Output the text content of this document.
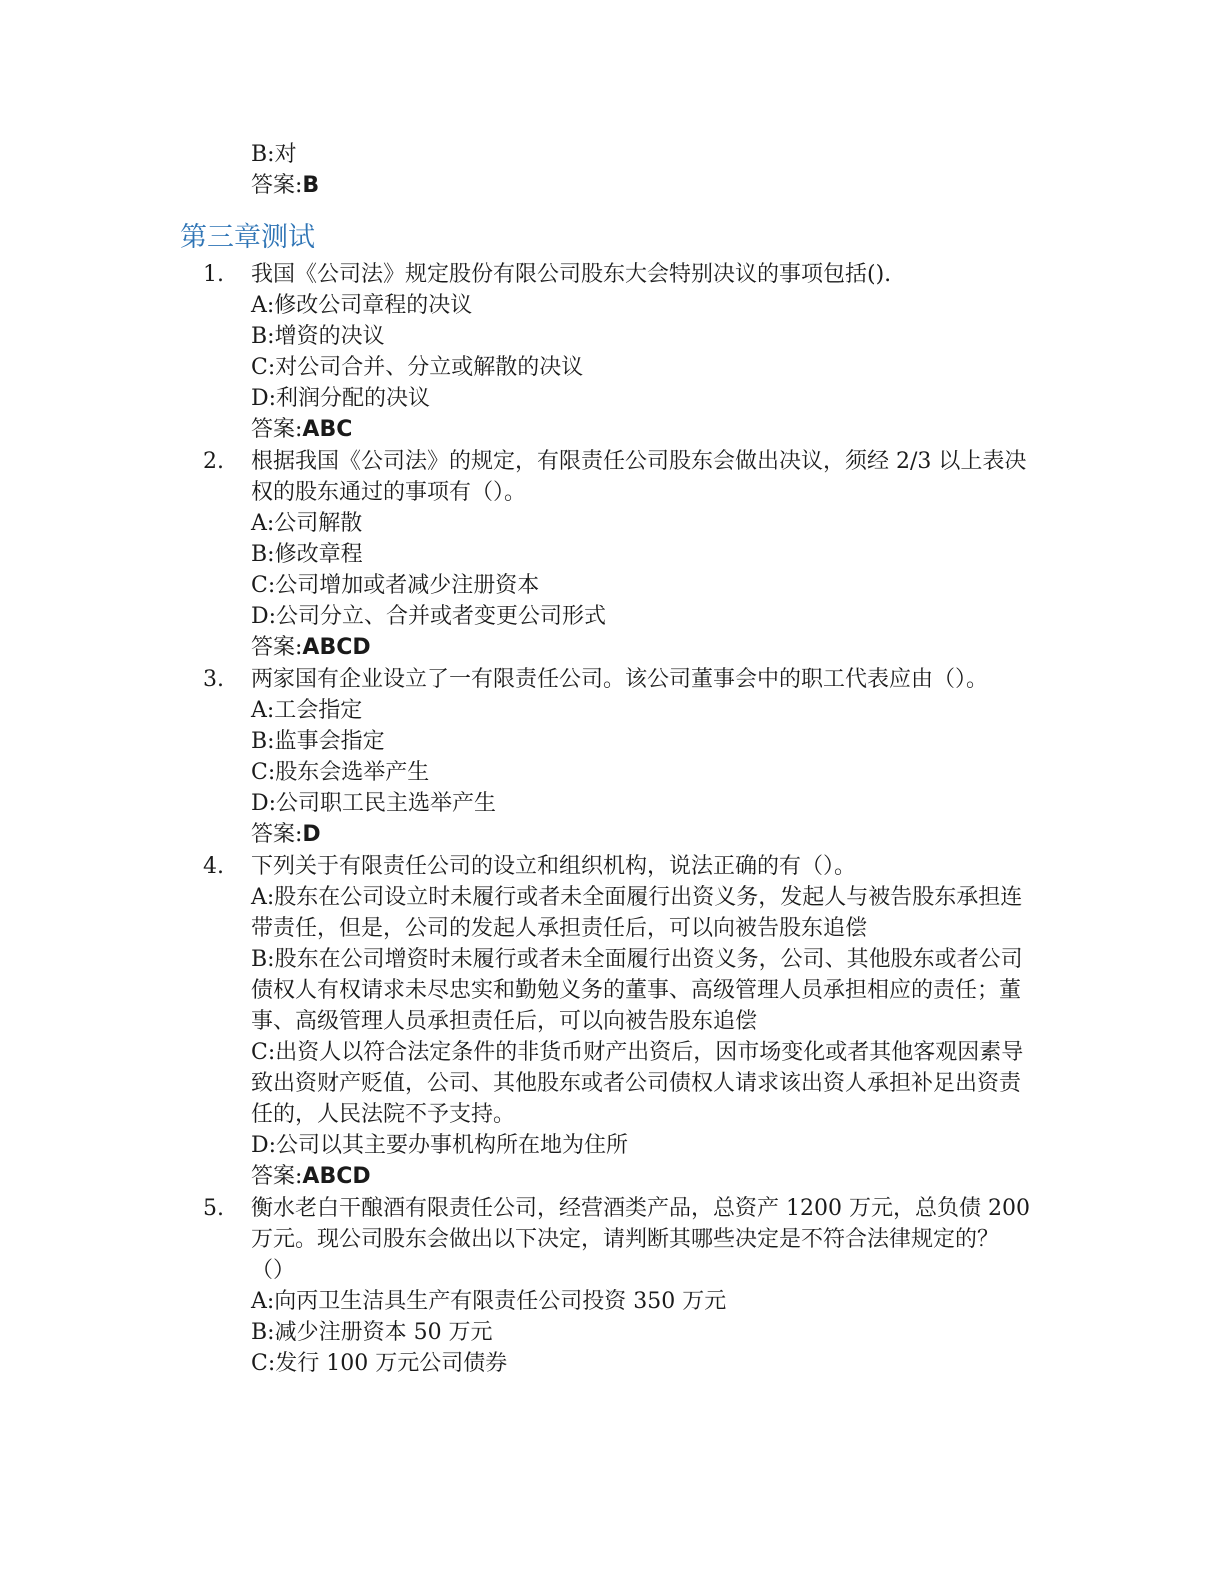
B:对
答案:B
第三章测试
1. 我国《公司法》规定股份有限公司股东大会特别决议的事项包括().
A:修改公司章程的决议
B:增资的决议
C:对公司合并、分立或解散的决议
D:利润分配的决议
答案:ABC
2. 根据我国《公司法》的规定，有限责任公司股东会做出决议，须经 2/3 以上表决权的股东通过的事项有（）。
A:公司解散
B:修改章程
C:公司增加或者减少注册资本
D:公司分立、合并或者变更公司形式
答案:ABCD
3. 两家国有企业设立了一有限责任公司。该公司董事会中的职工代表应由（）。
A:工会指定
B:监事会指定
C:股东会选举产生
D:公司职工民主选举产生
答案:D
4. 下列关于有限责任公司的设立和组织机构，说法正确的有（）。
A:股东在公司设立时未履行或者未全面履行出资义务，发起人与被告股东承担连带责任，但是，公司的发起人承担责任后，可以向被告股东追偿
B:股东在公司增资时未履行或者未全面履行出资义务，公司、其他股东或者公司债权人有权请求未尽忠实和勤勉义务的董事、高级管理人员承担相应的责任；董事、高级管理人员承担责任后，可以向被告股东追偿
C:出资人以符合法定条件的非货币财产出资后，因市场变化或者其他客观因素导致出资财产贬值，公司、其他股东或者公司债权人请求该出资人承担补足出资责任的，人民法院不予支持。
D:公司以其主要办事机构所在地为住所
答案:ABCD
5. 衡水老白干酿酒有限责任公司，经营酒类产品，总资产 1200 万元，总负债 200 万元。现公司股东会做出以下决定，请判断其哪些决定是不符合法律规定的？（）
A:向丙卫生洁具生产有限责任公司投资 350 万元
B:减少注册资本 50 万元
C:发行 100 万元公司债券
